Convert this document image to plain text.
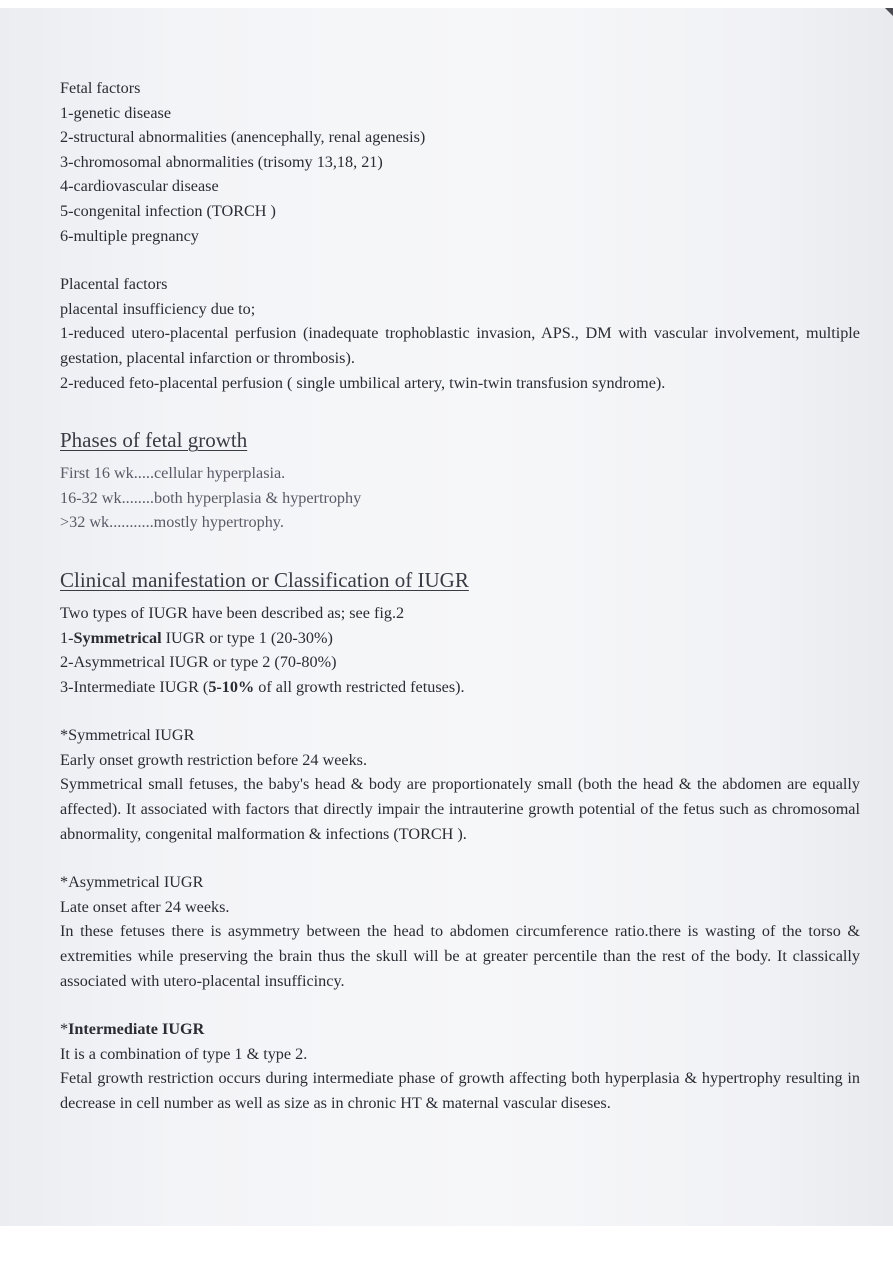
Fetal factors
1-genetic disease
2-structural abnormalities (anencephally, renal agenesis)
3-chromosomal abnormalities (trisomy 13,18, 21)
4-cardiovascular disease
5-congenital infection (TORCH )
6-multiple pregnancy
Placental factors
placental insufficiency due to;
1-reduced utero-placental perfusion (inadequate trophoblastic invasion, APS., DM with vascular involvement, multiple gestation, placental infarction or thrombosis).
2-reduced feto-placental perfusion ( single umbilical artery, twin-twin transfusion syndrome).
Phases of fetal growth
First 16 wk.....cellular hyperplasia.
16-32 wk........both hyperplasia & hypertrophy
>32 wk...........mostly hypertrophy.
Clinical manifestation or Classification of IUGR
Two types of IUGR have been described as; see fig.2
1-Symmetrical IUGR or type 1 (20-30%)
2-Asymmetrical IUGR or type 2 (70-80%)
3-Intermediate IUGR (5-10% of all growth restricted fetuses).
*Symmetrical IUGR
Early onset growth restriction before 24 weeks.
Symmetrical small fetuses, the baby's head & body are proportionately small (both the head & the abdomen are equally affected). It associated with factors that directly impair the intrauterine growth potential of the fetus such as chromosomal abnormality, congenital malformation & infections (TORCH ).
*Asymmetrical IUGR
Late onset after 24 weeks.
In these fetuses there is asymmetry between the head to abdomen circumference ratio.there is wasting of the torso & extremities while preserving the brain thus the skull will be at greater percentile than the rest of the body. It classically associated with utero-placental insufficincy.
*Intermediate IUGR
It is a combination of type 1 & type 2.
Fetal growth restriction occurs during intermediate phase of growth affecting both hyperplasia & hypertrophy resulting in decrease in cell number as well as size as in chronic HT & maternal vascular diseses.
